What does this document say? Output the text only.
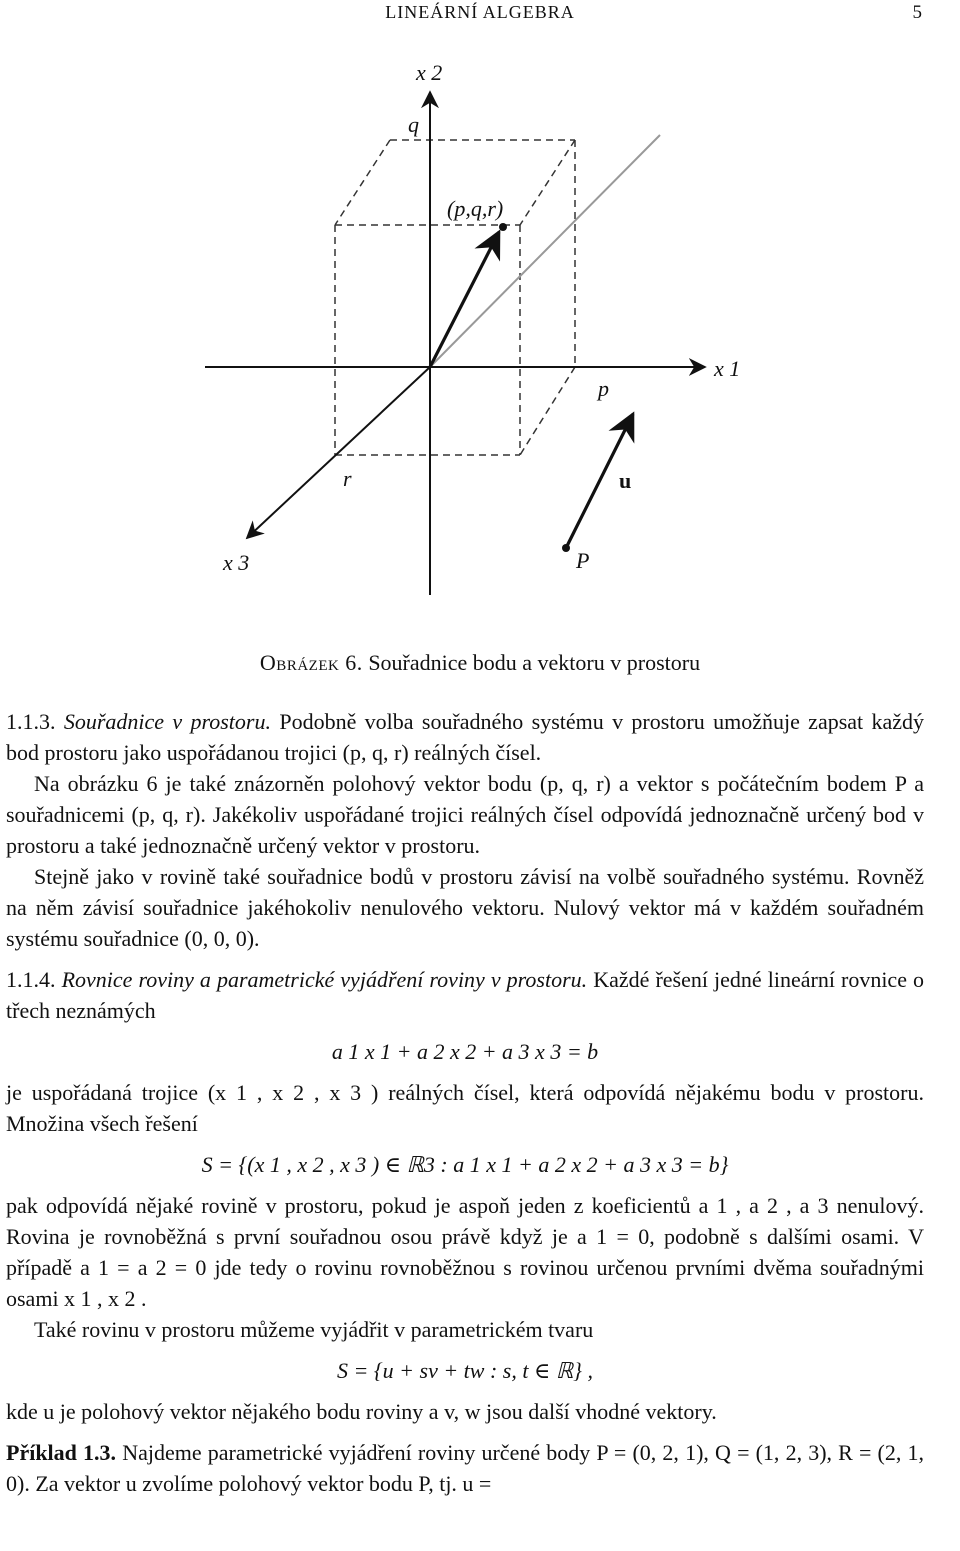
LINEÁRNÍ ALGEBRA	5
x 2
q
(p,q,r)
x 1
p
r	u
x 3	P
Obrázek 6. Souřadnice bodu a vektoru v prostoru

1.1.3. Souřadnice v prostoru. Podobně volba souřadného systému v prostoru umožňuje zapsat každý bod prostoru jako uspořádanou trojici (p, q, r) reálných čísel.

Na obrázku 6 je také znázorněn polohový vektor bodu (p, q, r) a vektor s počátečním bodem P a souřadnicemi (p, q, r). Jakékoliv uspořádané trojici reálných čísel odpovídá jednoznačně určený bod v prostoru a také jednoznačně určený vektor v prostoru.

Stejně jako v rovině také souřadnice bodů v prostoru závisí na volbě souřadného systému. Rovněž na něm závisí souřadnice jakéhokoliv nenulového vektoru. Nulový vektor má v každém souřadném systému souřadnice (0, 0, 0).

1.1.4. Rovnice roviny a parametrické vyjádření roviny v prostoru. Každé řešení jedné lineární rovnice o třech neznámých

a 1 x 1 + a 2 x 2 + a 3 x 3 = b

je uspořádaná trojice (x 1 , x 2 , x 3 ) reálných čísel, která odpovídá nějakému bodu v prostoru. Množina všech řešení

S = {(x 1 , x 2 , x 3 ) ∈ ℝ3 : a 1 x 1 + a 2 x 2 + a 3 x 3 = b}

pak odpovídá nějaké rovině v prostoru, pokud je aspoň jeden z koeficientů a 1 , a 2 , a 3 nenulový. Rovina je rovnoběžná s první souřadnou osou právě když je a 1 = 0, podobně s dalšími osami. V případě a 1 = a 2 = 0 jde tedy o rovinu rovnoběžnou s rovinou určenou prvními dvěma souřadnými osami x 1 , x 2 .

Také rovinu v prostoru můžeme vyjádřit v parametrickém tvaru

S = {u + sv + tw : s, t ∈ ℝ} ,

kde u je polohový vektor nějakého bodu roviny a v, w jsou další vhodné vektory.

Příklad 1.3. Najdeme parametrické vyjádření roviny určené body P = (0, 2, 1), Q = (1, 2, 3), R = (2, 1, 0). Za vektor u zvolíme polohový vektor bodu P, tj. u =
